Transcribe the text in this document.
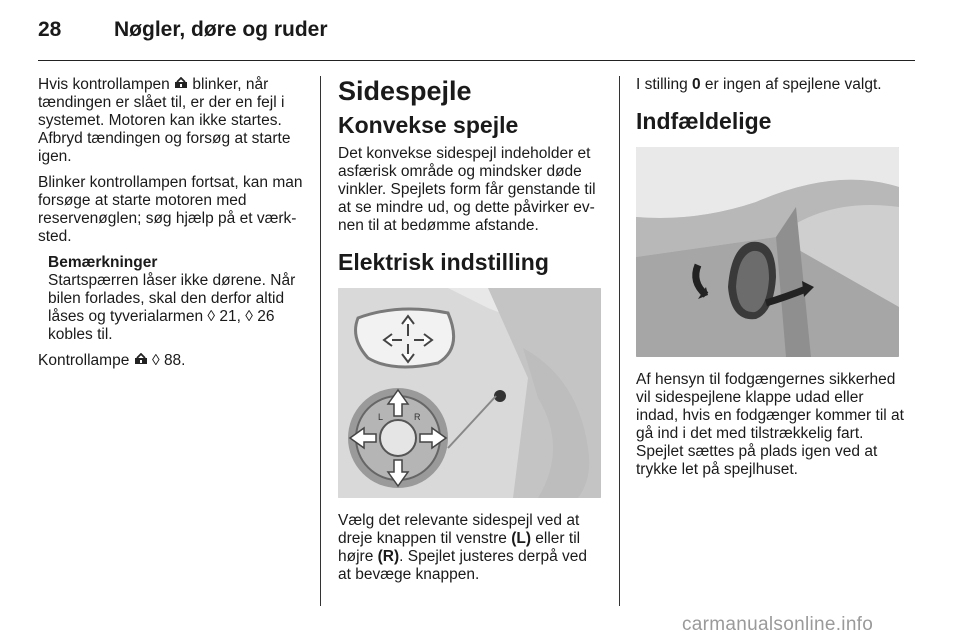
28	Nøgler, døre og ruder

Hvis kontrollampen  blinker, når tændingen er slået til, er der en fejl i systemet. Motoren kan ikke startes. Afbryd tændingen og forsøg at starte igen.

Blinker kontrollampen fortsat, kan man forsøge at starte motoren med reservenøglen; søg hjælp på et værk-sted.

Bemærkninger
Startspærren låser ikke dørene. Når bilen forlades, skal den derfor altid låses og tyverialarmen ◊ 21, ◊ 26 kobles til.

Kontrollampe  ◊ 88.

Sidespejle
Konvekse spejle

Det konvekse sidespejl indeholder et asfærisk område og mindsker døde vinkler. Spejlets form får genstande til at se mindre ud, og dette påvirker ev-nen til at bedømme afstande.

Elektrisk indstilling
L	R

Vælg det relevante sidespejl ved at dreje knappen til venstre (L) eller til højre (R). Spejlet justeres derpå ved at bevæge knappen.

I stilling 0 er ingen af spejlene valgt.

Indfældelige

Af hensyn til fodgængernes sikkerhed vil sidespejlene klappe udad eller indad, hvis en fodgænger kommer til at gå ind i det med tilstrækkelig fart. Spejlet sættes på plads igen ved at trykke let på spejlhuset.

carmanualsonline.info
